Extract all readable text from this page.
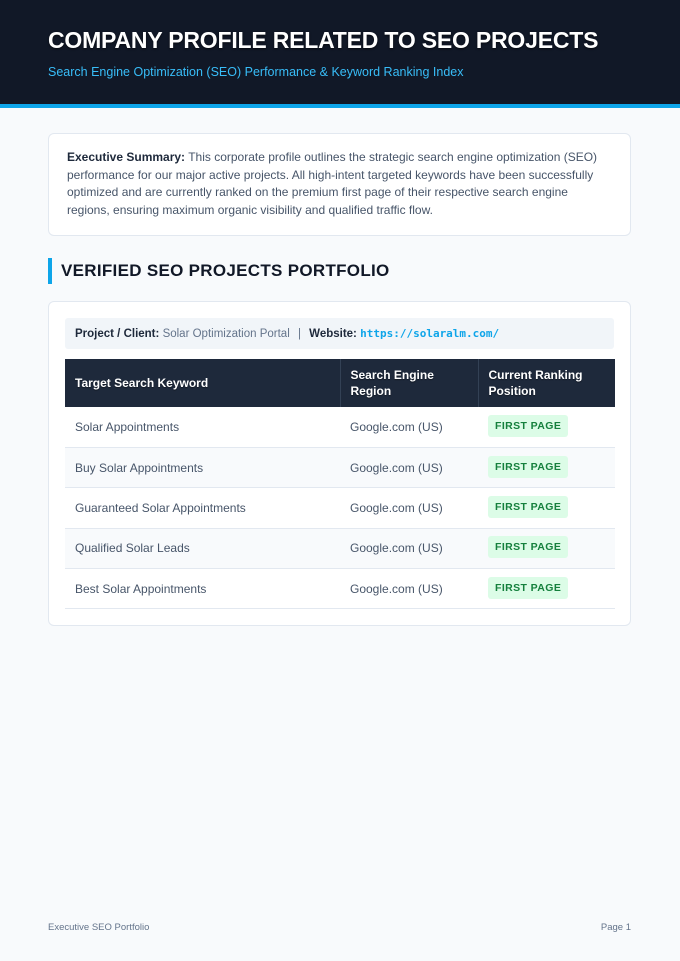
COMPANY PROFILE RELATED TO SEO PROJECTS
Search Engine Optimization (SEO) Performance & Keyword Ranking Index
Executive Summary: This corporate profile outlines the strategic search engine optimization (SEO) performance for our major active projects. All high-intent targeted keywords have been successfully optimized and are currently ranked on the premium first page of their respective search engine regions, ensuring maximum organic visibility and qualified traffic flow.
VERIFIED SEO PROJECTS PORTFOLIO
Project / Client: Solar Optimization Portal | Website: https://solaralm.com/
Target Search Keyword	Search Engine Region	Current Ranking Position
Solar Appointments	Google.com (US)	FIRST PAGE
Buy Solar Appointments	Google.com (US)	FIRST PAGE
Guaranteed Solar Appointments	Google.com (US)	FIRST PAGE
Qualified Solar Leads	Google.com (US)	FIRST PAGE
Best Solar Appointments	Google.com (US)	FIRST PAGE
Executive SEO Portfolio	Page 1
